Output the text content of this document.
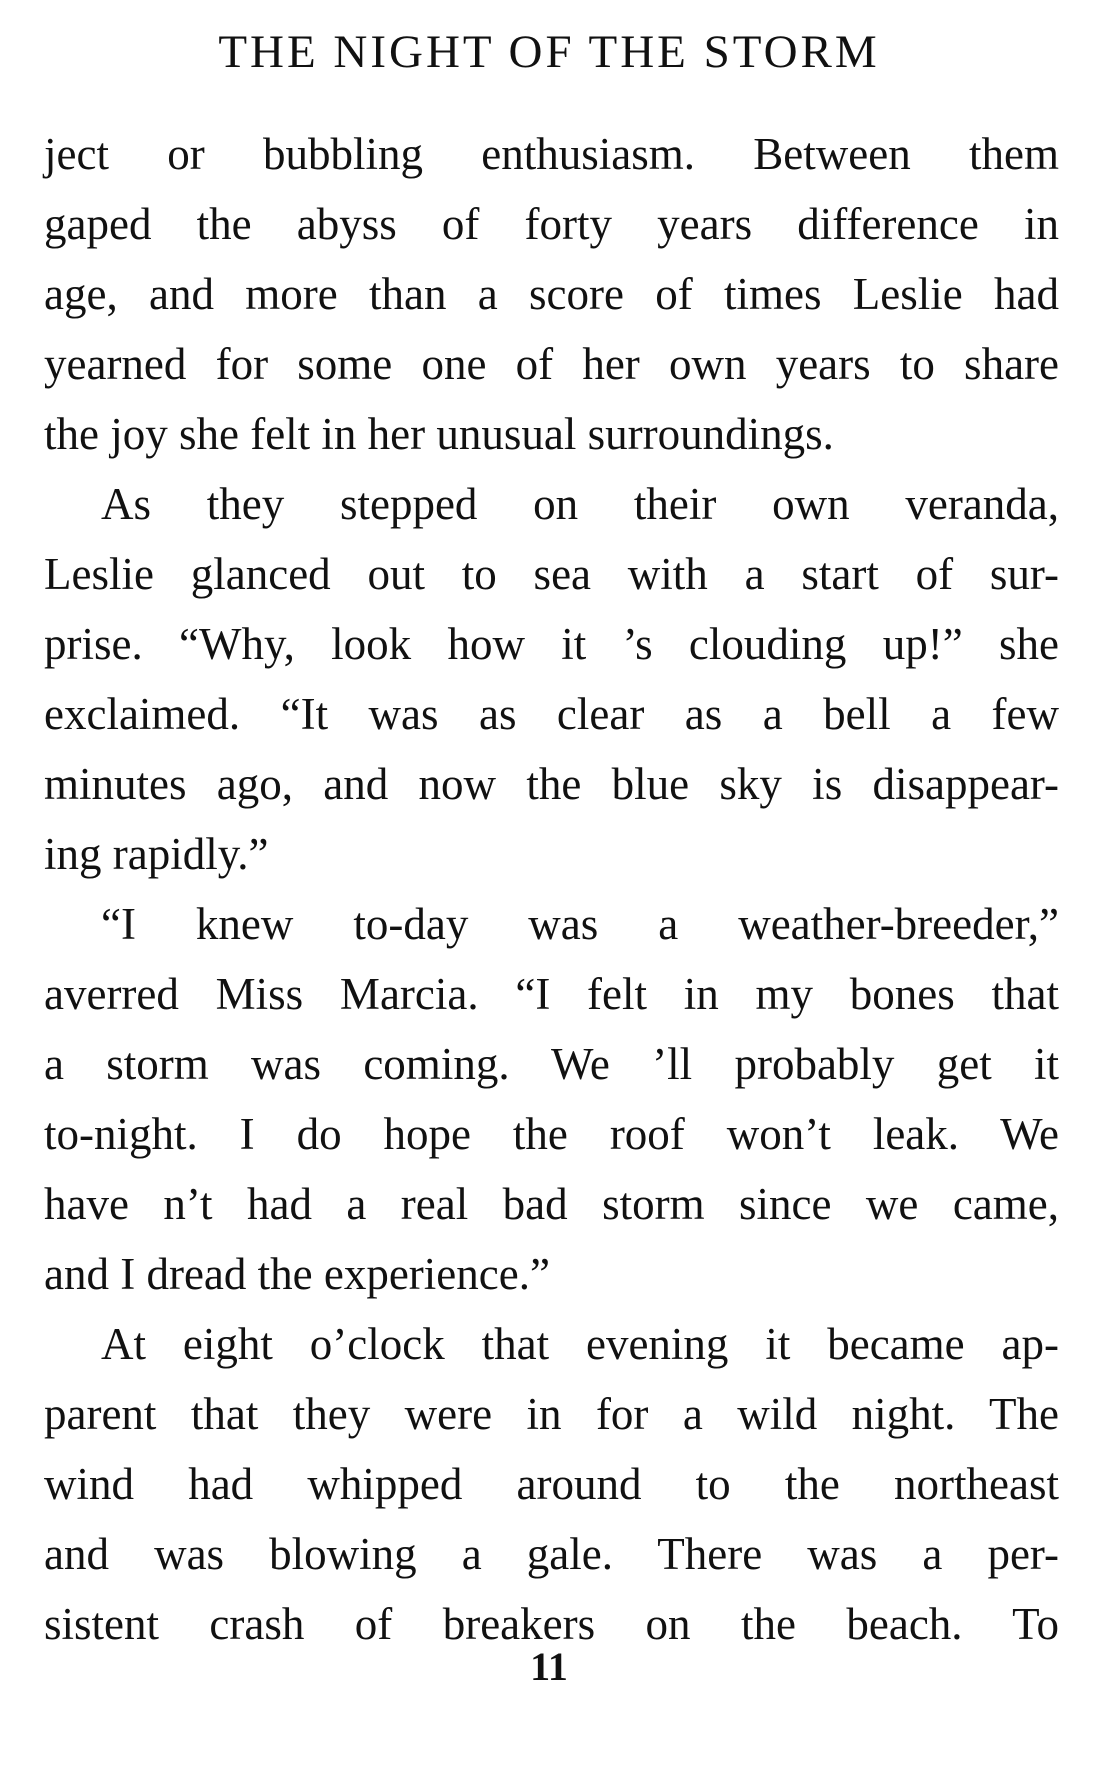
THE NIGHT OF THE STORM
ject or bubbling enthusiasm. Between them
gaped the abyss of forty years difference in
age, and more than a score of times Leslie had
yearned for some one of her own years to share
the joy she felt in her unusual surroundings.
As they stepped on their own veranda,
Leslie glanced out to sea with a start of sur-
prise. “Why, look how it ’s clouding up!” she
exclaimed. “It was as clear as a bell a few
minutes ago, and now the blue sky is disappear-
ing rapidly.”
“I knew to-day was a weather-breeder,”
averred Miss Marcia. “I felt in my bones that
a storm was coming. We ’ll probably get it
to-night. I do hope the roof won’t leak. We
have n’t had a real bad storm since we came,
and I dread the experience.”
At eight o’clock that evening it became ap-
parent that they were in for a wild night. The
wind had whipped around to the northeast
and was blowing a gale. There was a per-
sistent crash of breakers on the beach. To
11
